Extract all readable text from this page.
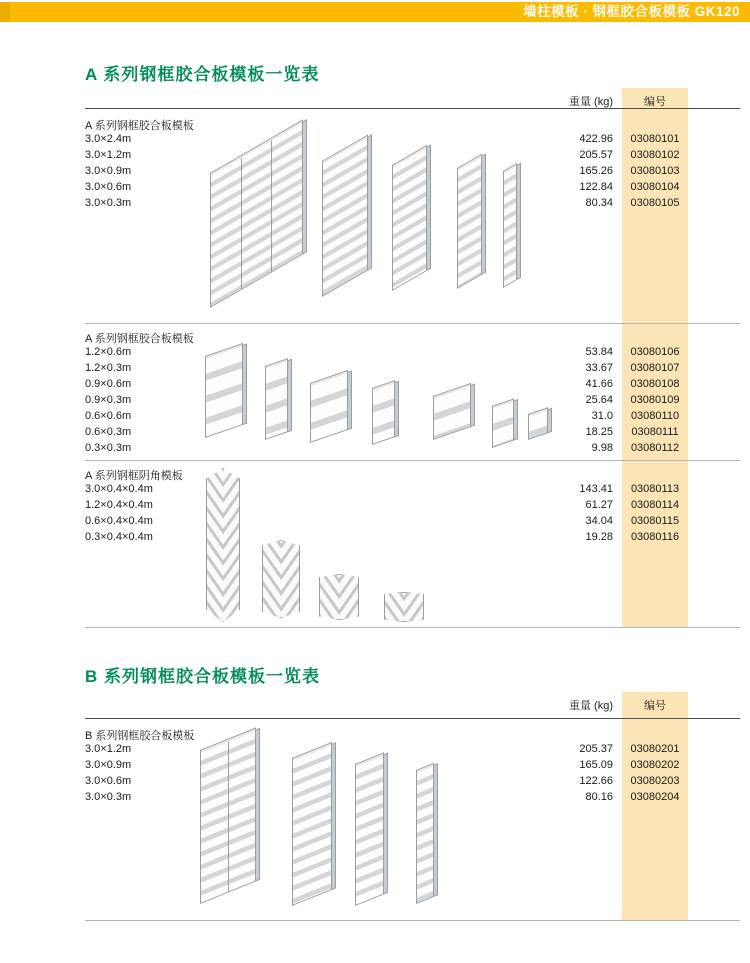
墙柱模板 · 钢框胶合板模板 GK120
A 系列钢框胶合板模板一览表
重量 (kg)	编号
A 系列钢框胶合板模板
3.0×2.4m	422.96	03080101
3.0×1.2m	205.57	03080102
3.0×0.9m	165.26	03080103
3.0×0.6m	122.84	03080104
3.0×0.3m	80.34	03080105
A 系列钢框胶合板模板
1.2×0.6m	53.84	03080106
1.2×0.3m	33.67	03080107
0.9×0.6m	41.66	03080108
0.9×0.3m	25.64	03080109
0.6×0.6m	31.0	03080110
0.6×0.3m	18.25	03080111
0.3×0.3m	9.98	03080112
A 系列钢框阴角模板
3.0×0.4×0.4m	143.41	03080113
1.2×0.4×0.4m	61.27	03080114
0.6×0.4×0.4m	34.04	03080115
0.3×0.4×0.4m	19.28	03080116
B 系列钢框胶合板模板一览表
重量 (kg)	编号
B 系列钢框胶合板模板
3.0×1.2m	205.37	03080201
3.0×0.9m	165.09	03080202
3.0×0.6m	122.66	03080203
3.0×0.3m	80.16	03080204
